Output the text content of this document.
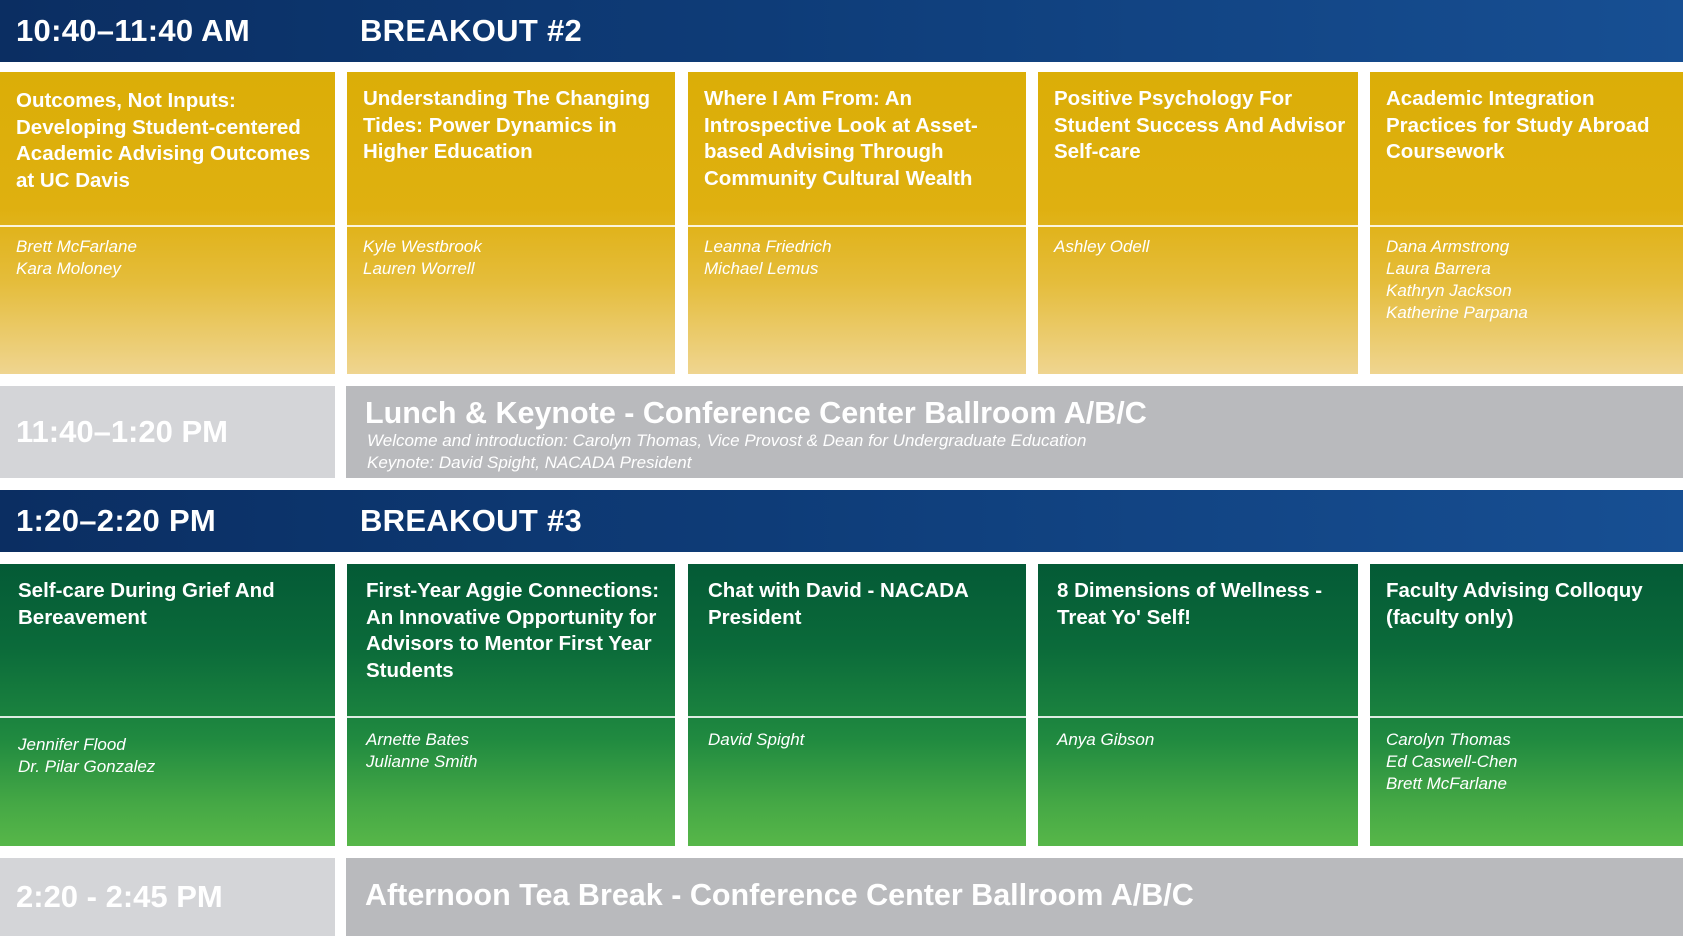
10:40–11:40 AM	BREAKOUT #2
Outcomes, Not Inputs: Developing Student-centered Academic Advising Outcomes at UC Davis
Brett McFarlane
Kara Moloney
Understanding The Changing Tides: Power Dynamics in Higher Education
Kyle Westbrook
Lauren Worrell
Where I Am From: An Introspective Look at Asset-based Advising Through Community Cultural Wealth
Leanna Friedrich
Michael Lemus
Positive Psychology For Student Success And Advisor Self-care
Ashley Odell
Academic Integration Practices for Study Abroad Coursework
Dana Armstrong
Laura Barrera
Kathryn Jackson
Katherine Parpana
11:40–1:20 PM
Lunch & Keynote - Conference Center Ballroom A/B/C
Welcome and introduction: Carolyn Thomas, Vice Provost & Dean for Undergraduate Education
Keynote: David Spight, NACADA President
1:20–2:20 PM	BREAKOUT #3
Self-care During Grief And Bereavement
Jennifer Flood
Dr. Pilar Gonzalez
First-Year Aggie Connections: An Innovative Opportunity for Advisors to Mentor First Year Students
Arnette Bates
Julianne Smith
Chat with David - NACADA President
David Spight
8 Dimensions of Wellness - Treat Yo' Self!
Anya Gibson
Faculty Advising Colloquy (faculty only)
Carolyn Thomas
Ed Caswell-Chen
Brett McFarlane
2:20 - 2:45 PM	Afternoon Tea Break - Conference Center Ballroom A/B/C
